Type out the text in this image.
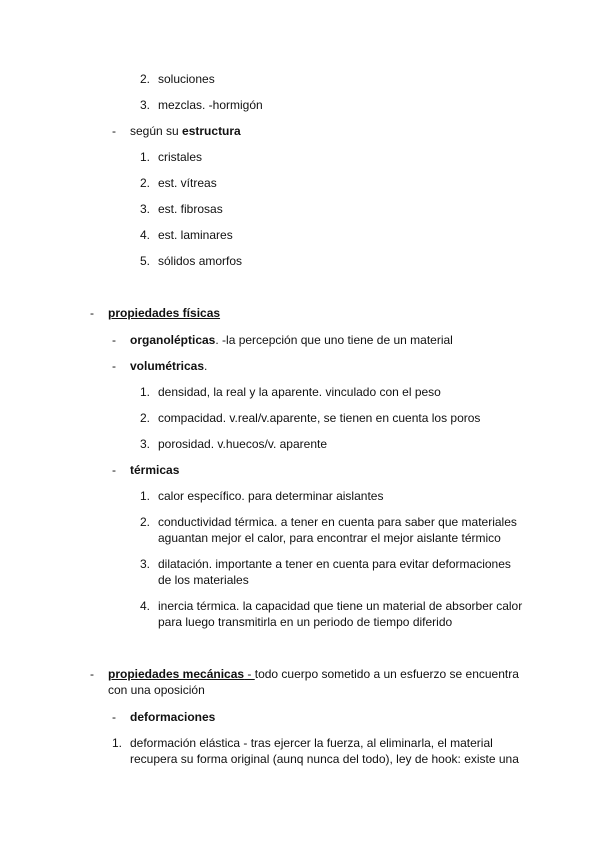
2. soluciones
3. mezclas. -hormigón
- según su estructura
1. cristales
2. est. vítreas
3. est. fibrosas
4. est. laminares
5. sólidos amorfos
- propiedades físicas
- organolépticas. -la percepción que uno tiene de un material
- volumétricas.
1. densidad, la real y la aparente. vinculado con el peso
2. compacidad. v.real/v.aparente, se tienen en cuenta los poros
3. porosidad. v.huecos/v. aparente
- térmicas
1. calor específico. para determinar aislantes
2. conductividad térmica. a tener en cuenta para saber que materiales
aguantan mejor el calor, para encontrar el mejor aislante térmico
3. dilatación. importante a tener en cuenta para evitar deformaciones
de los materiales
4. inercia térmica. la capacidad que tiene un material de absorber calor
para luego transmitirla en un periodo de tiempo diferido
- propiedades mecánicas - todo cuerpo sometido a un esfuerzo se encuentra
con una oposición
- deformaciones
1. deformación elástica - tras ejercer la fuerza, al eliminarla, el material
recupera su forma original (aunq nunca del todo), ley de hook: existe una
